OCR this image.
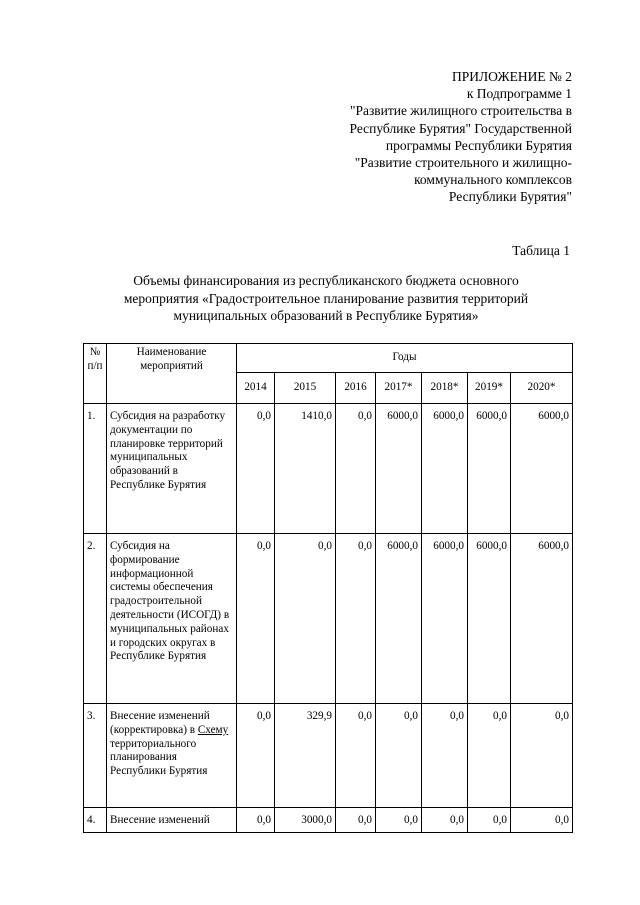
ПРИЛОЖЕНИЕ № 2
к Подпрограмме 1
"Развитие жилищного строительства в
Республике Бурятия" Государственной
программы Республики Бурятия
"Развитие строительного и жилищно-
коммунального комплексов
Республики Бурятия"
Таблица 1
Объемы финансирования из республиканского бюджета основного
мероприятия «Градостроительное планирование развития территорий
муниципальных образований в Республике Бурятия»
№ п/п	Наименование мероприятий	Годы						
		2014	2015	2016	2017*	2018*	2019*	2020*
1.	Субсидия на разработку документации по планировке территорий муниципальных образований в Республике Бурятия	0,0	1410,0	0,0	6000,0	6000,0	6000,0	6000,0
2.	Субсидия на формирование информационной системы обеспечения градостроительной деятельности (ИСОГД) в муниципальных районах и городских округах в Республике Бурятия	0,0	0,0	0,0	6000,0	6000,0	6000,0	6000,0
3.	Внесение изменений (корректировка) в Схему территориального планирования Республики Бурятия	0,0	329,9	0,0	0,0	0,0	0,0	0,0
4.	Внесение изменений	0,0	3000,0	0,0	0,0	0,0	0,0	0,0
